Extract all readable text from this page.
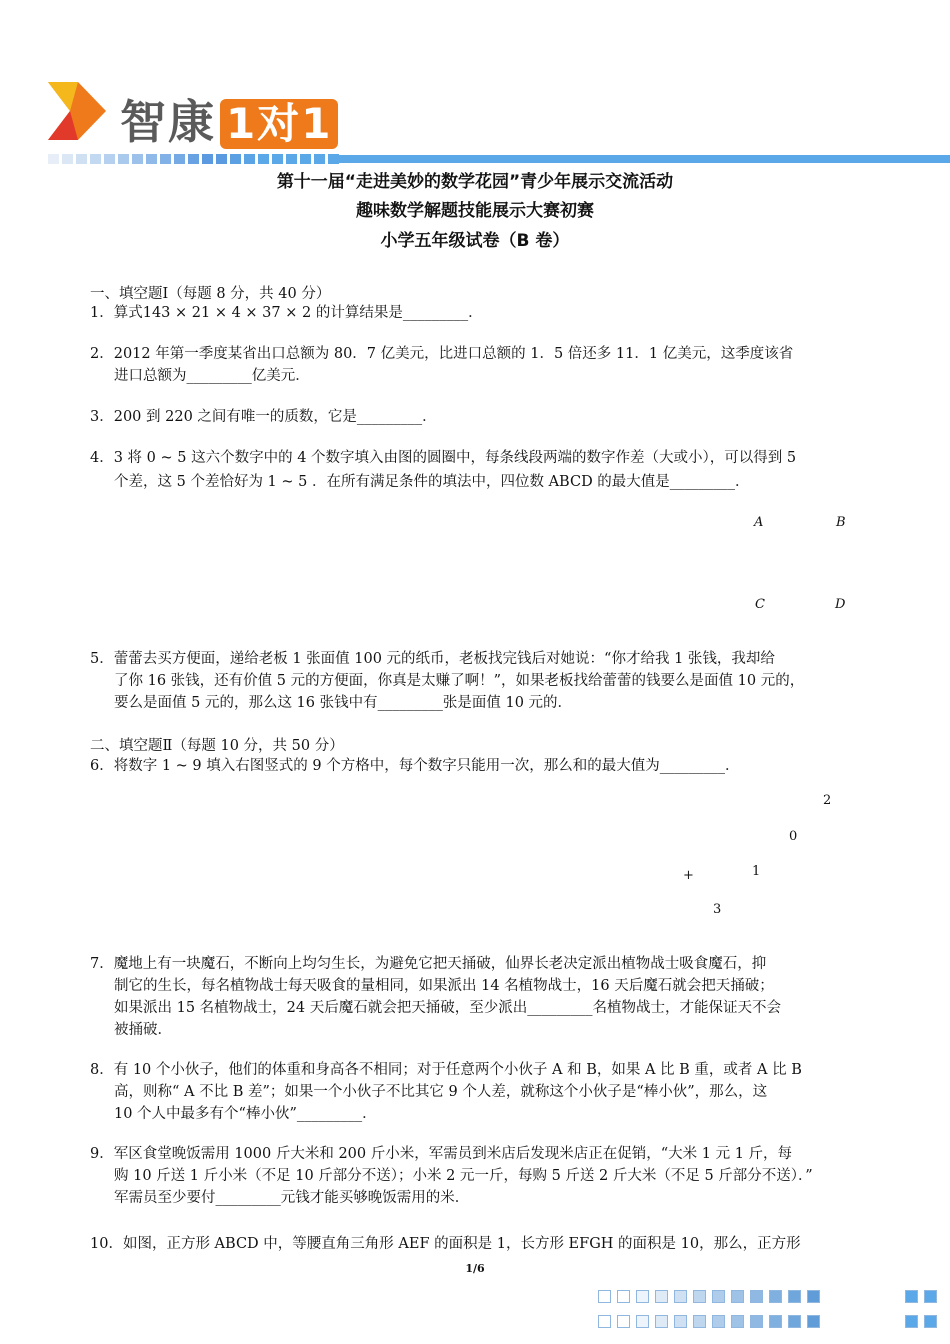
智康 1对1
第十一届“走进美妙的数学花园”青少年展示交流活动
趣味数学解题技能展示大赛初赛
小学五年级试卷（B 卷）
一、填空题Ⅰ（每题 8 分，共 40 分）
1．算式143 × 21 × 4 × 37 × 2 的计算结果是_________．
2．2012 年第一季度某省出口总额为 80．7 亿美元，比进口总额的 1．5 倍还多 11．1 亿美元，这季度该省
进口总额为_________亿美元．
3．200 到 220 之间有唯一的质数，它是_________．
4．3 将 0 ~ 5 这六个数字中的 4 个数字填入由图的圆圈中，每条线段两端的数字作差（大或小），可以得到 5
个差，这 5 个差恰好为 1 ~ 5 ．在所有满足条件的填法中，四位数 ABCD 的最大值是_________．
A	B
C	D
5．蕾蕾去买方便面，递给老板 1 张面值 100 元的纸币，老板找完钱后对她说：“你才给我 1 张钱，我却给
了你 16 张钱，还有价值 5 元的方便面，你真是太赚了啊！”，如果老板找给蕾蕾的钱要么是面值 10 元的，
要么是面值 5 元的，那么这 16 张钱中有_________张是面值 10 元的．
二、填空题Ⅱ（每题 10 分，共 50 分）
6．将数字 1 ~ 9 填入右图竖式的 9 个方格中，每个数字只能用一次，那么和的最大值为_________．
2
0
1
+
3
7．魔地上有一块魔石，不断向上均匀生长，为避免它把天捅破，仙界长老决定派出植物战士吸食魔石，抑
制它的生长，每名植物战士每天吸食的量相同，如果派出 14 名植物战士，16 天后魔石就会把天捅破；
如果派出 15 名植物战士，24 天后魔石就会把天捅破，至少派出_________名植物战士，才能保证天不会
被捅破．
8．有 10 个小伙子，他们的体重和身高各不相同；对于任意两个小伙子 A 和 B，如果 A 比 B 重，或者 A 比 B
高，则称“ A 不比 B 差”；如果一个小伙子不比其它 9 个人差，就称这个小伙子是“棒小伙”，那么，这
10 个人中最多有个“棒小伙”_________．
9．军区食堂晚饭需用 1000 斤大米和 200 斤小米，军需员到米店后发现米店正在促销，“大米 1 元 1 斤，每
购 10 斤送 1 斤小米（不足 10 斤部分不送）；小米 2 元一斤，每购 5 斤送 2 斤大米（不足 5 斤部分不送）．”
军需员至少要付_________元钱才能买够晚饭需用的米．
10．如图，正方形 ABCD 中，等腰直角三角形 AEF 的面积是 1，长方形 EFGH 的面积是 10，那么，正方形
1/6
